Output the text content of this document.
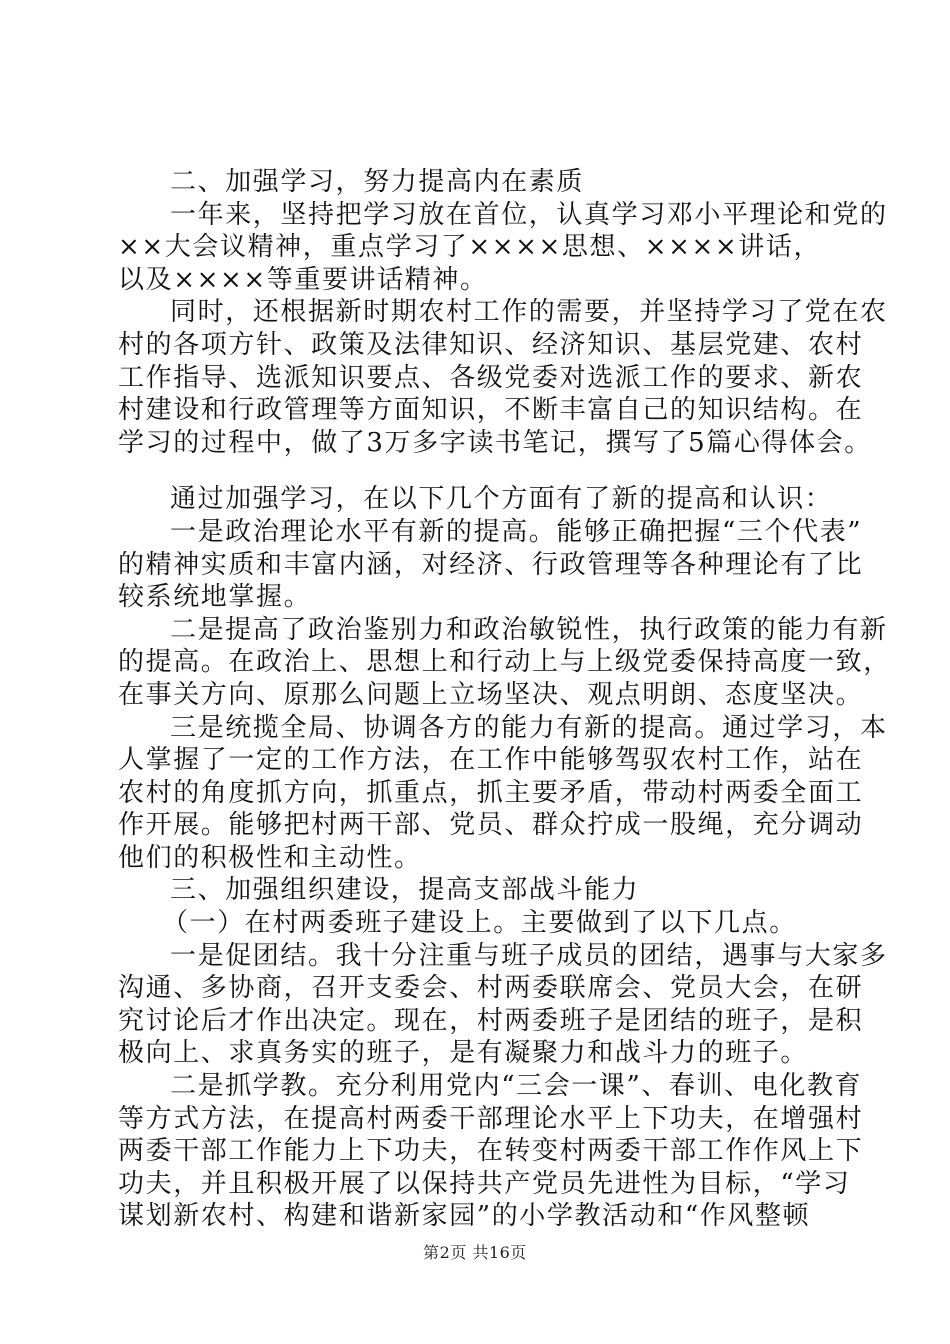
二、加强学习，努力提高内在素质
一年来，坚持把学习放在首位，认真学习邓小平理论和党的
××大会议精神，重点学习了××××思想、××××讲话，
以及××××等重要讲话精神。
同时，还根据新时期农村工作的需要，并坚持学习了党在农
村的各项方针、政策及法律知识、经济知识、基层党建、农村
工作指导、选派知识要点、各级党委对选派工作的要求、新农
村建设和行政管理等方面知识，不断丰富自己的知识结构。在
学习的过程中，做了3万多字读书笔记，撰写了5篇心得体会。
通过加强学习，在以下几个方面有了新的提高和认识：
一是政治理论水平有新的提高。能够正确把握“三个代表”
的精神实质和丰富内涵，对经济、行政管理等各种理论有了比
较系统地掌握。
二是提高了政治鉴别力和政治敏锐性，执行政策的能力有新
的提高。在政治上、思想上和行动上与上级党委保持高度一致，
在事关方向、原那么问题上立场坚决、观点明朗、态度坚决。
三是统揽全局、协调各方的能力有新的提高。通过学习，本
人掌握了一定的工作方法，在工作中能够驾驭农村工作，站在
农村的角度抓方向，抓重点，抓主要矛盾，带动村两委全面工
作开展。能够把村两干部、党员、群众拧成一股绳，充分调动
他们的积极性和主动性。
三、加强组织建设，提高支部战斗能力
（一）在村两委班子建设上。主要做到了以下几点。
一是促团结。我十分注重与班子成员的团结，遇事与大家多
沟通、多协商，召开支委会、村两委联席会、党员大会，在研
究讨论后才作出决定。现在，村两委班子是团结的班子，是积
极向上、求真务实的班子，是有凝聚力和战斗力的班子。
二是抓学教。充分利用党内“三会一课”、春训、电化教育
等方式方法，在提高村两委干部理论水平上下功夫，在增强村
两委干部工作能力上下功夫，在转变村两委干部工作作风上下
功夫，并且积极开展了以保持共产党员先进性为目标，“学习
谋划新农村、构建和谐新家园”的小学教活动和“作风整顿
第2页 共16页
